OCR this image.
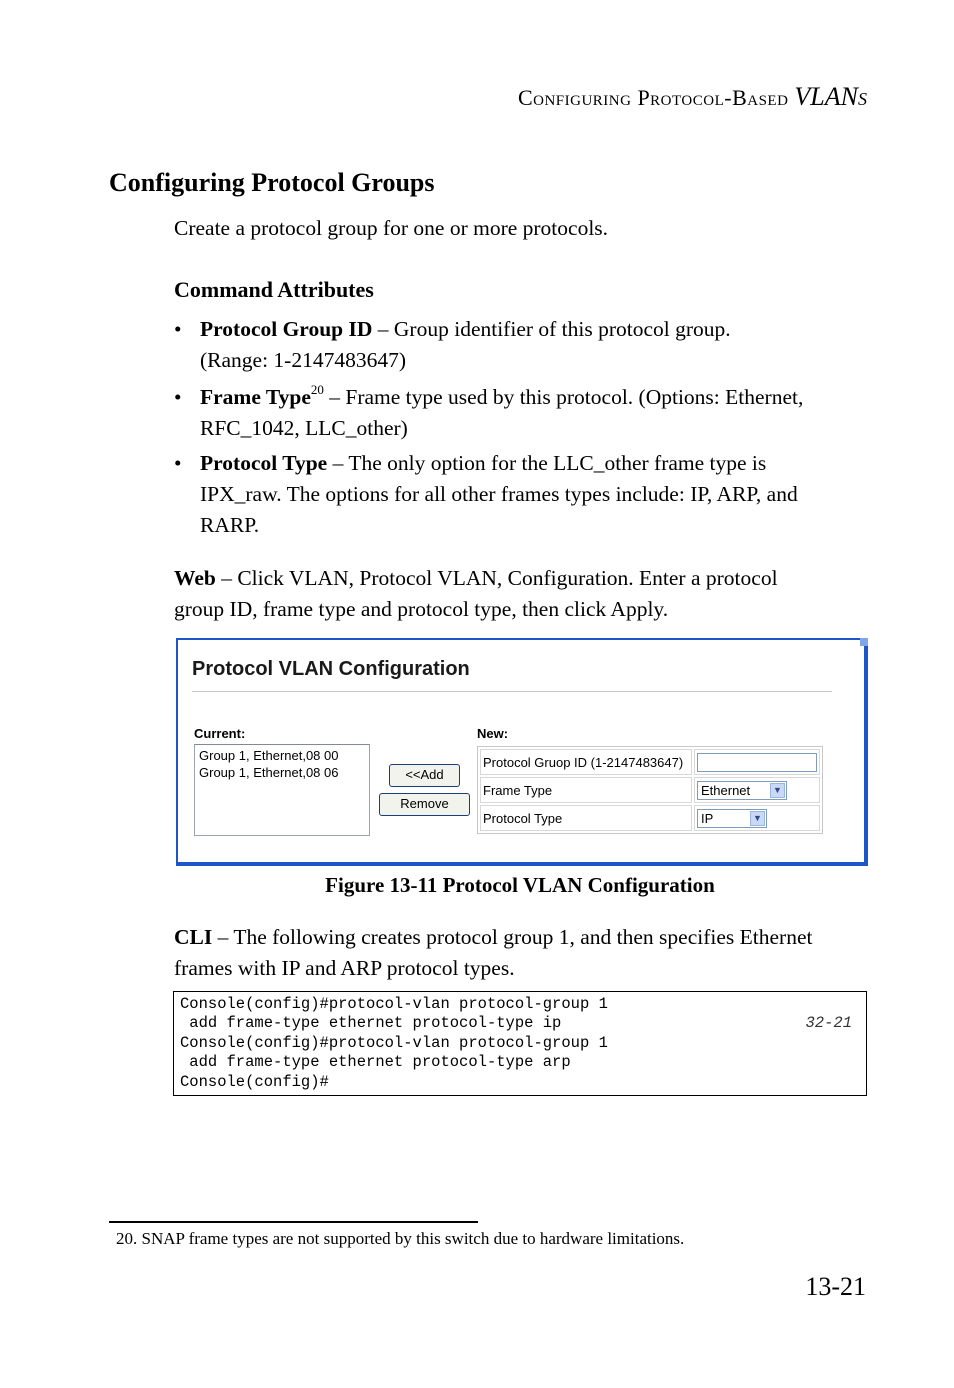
Configuring Protocol-Based VLANs
Configuring Protocol Groups
Create a protocol group for one or more protocols.
Command Attributes
• Protocol Group ID – Group identifier of this protocol group.
(Range: 1-2147483647)
• Frame Type$^{20}$ – Frame type used by this protocol. (Options: Ethernet,
RFC_1042, LLC_other)
• Protocol Type – The only option for the LLC_other frame type is
IPX_raw. The options for all other frames types include: IP, ARP, and
RARP.
Web – Click VLAN, Protocol VLAN, Configuration. Enter a protocol
group ID, frame type and protocol type, then click Apply.
Protocol VLAN Configuration
Current:	New:
Group 1, Ethernet,08 00
Group 1, Ethernet,08 06	<<Add
Remove
Protocol Gruop ID (1-2147483647)	

Frame Type	Ethernet ▼

Protocol Type	IP ▼
Figure 13-11 Protocol VLAN Configuration
CLI – The following creates protocol group 1, and then specifies Ethernet
frames with IP and ARP protocol types.
Console(config)#protocol-vlan protocol-group 1
add frame-type ethernet protocol-type ip	32-21
Console(config)#protocol-vlan protocol-group 1
add frame-type ethernet protocol-type arp
Console(config)#
20. SNAP frame types are not supported by this switch due to hardware limitations.
13-21
